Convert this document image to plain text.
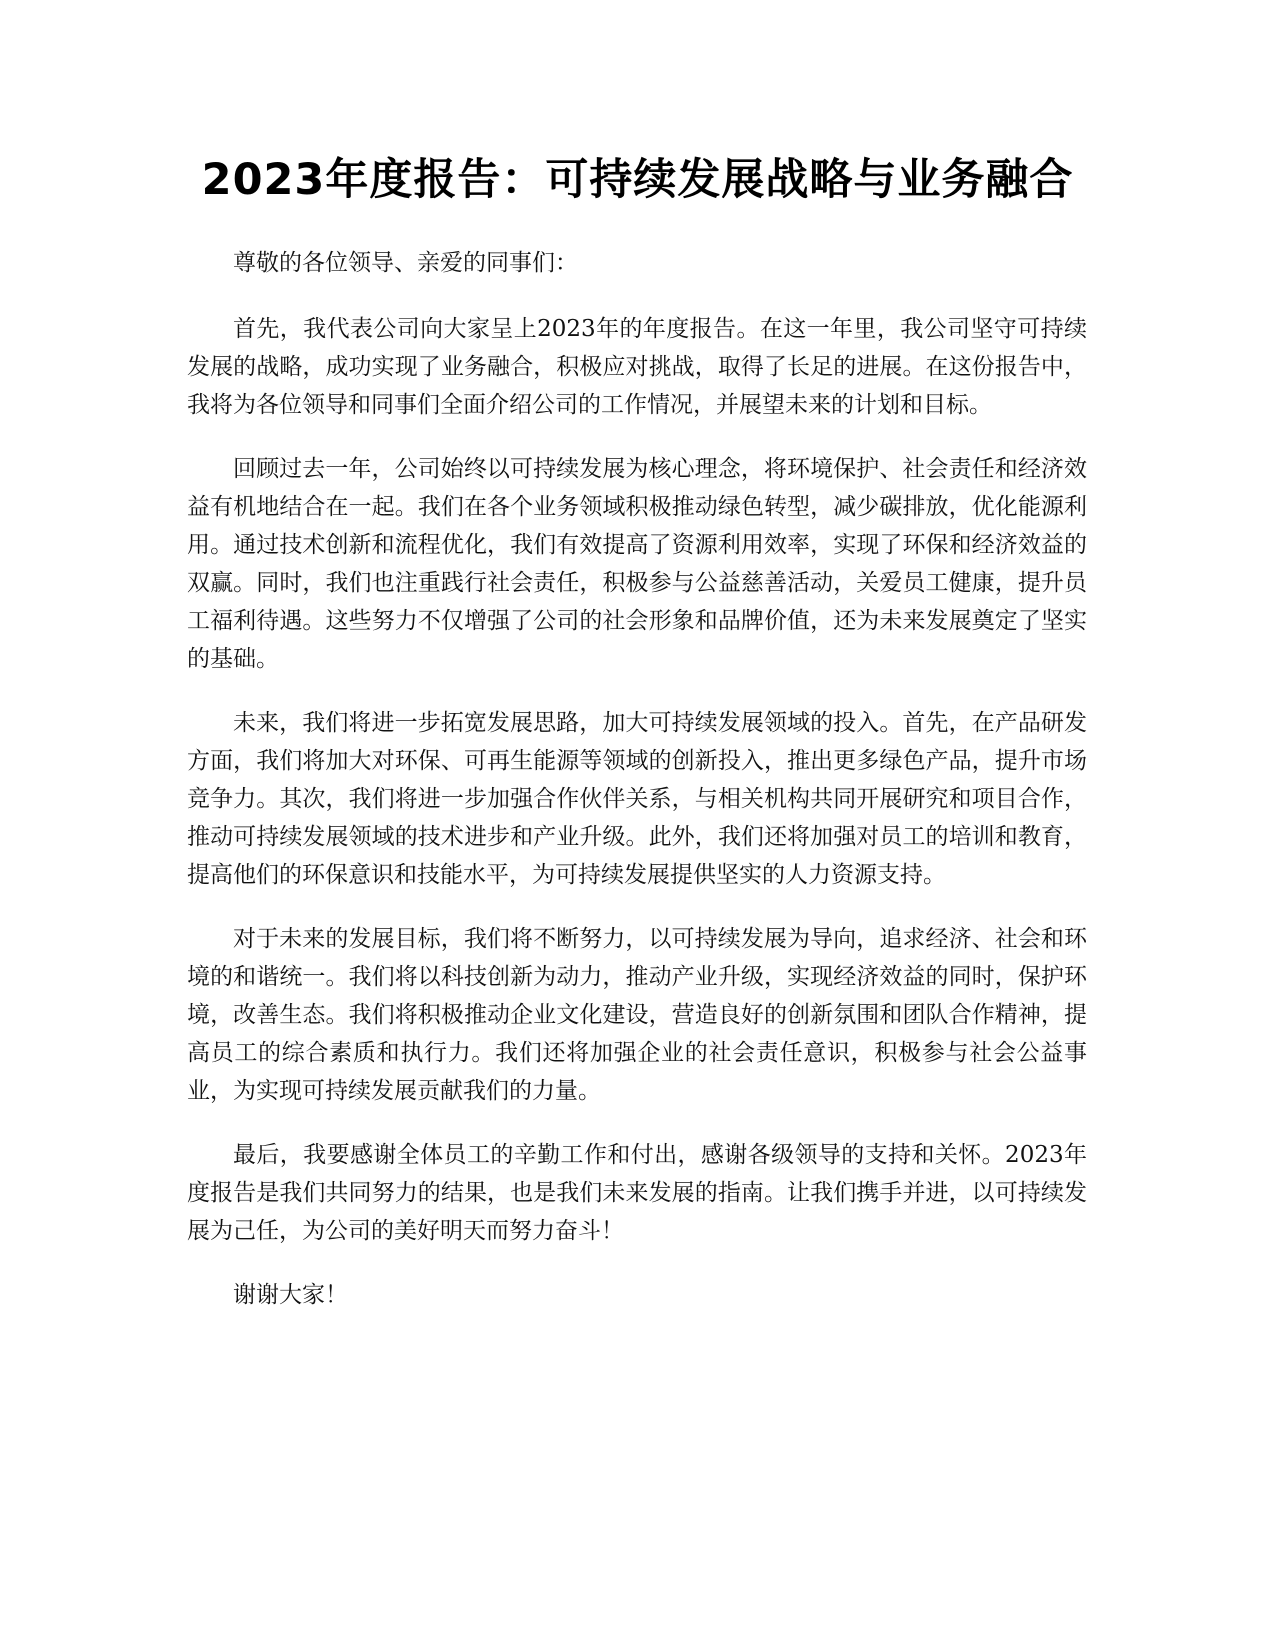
2023年度报告：可持续发展战略与业务融合

尊敬的各位领导、亲爱的同事们：

首先，我代表公司向大家呈上2023年的年度报告。在这一年里，我公司坚守可持续发展的战略，成功实现了业务融合，积极应对挑战，取得了长足的进展。在这份报告中，我将为各位领导和同事们全面介绍公司的工作情况，并展望未来的计划和目标。

回顾过去一年，公司始终以可持续发展为核心理念，将环境保护、社会责任和经济效益有机地结合在一起。我们在各个业务领域积极推动绿色转型，减少碳排放，优化能源利用。通过技术创新和流程优化，我们有效提高了资源利用效率，实现了环保和经济效益的双赢。同时，我们也注重践行社会责任，积极参与公益慈善活动，关爱员工健康，提升员工福利待遇。这些努力不仅增强了公司的社会形象和品牌价值，还为未来发展奠定了坚实的基础。

未来，我们将进一步拓宽发展思路，加大可持续发展领域的投入。首先，在产品研发方面，我们将加大对环保、可再生能源等领域的创新投入，推出更多绿色产品，提升市场竞争力。其次，我们将进一步加强合作伙伴关系，与相关机构共同开展研究和项目合作，推动可持续发展领域的技术进步和产业升级。此外，我们还将加强对员工的培训和教育，提高他们的环保意识和技能水平，为可持续发展提供坚实的人力资源支持。

对于未来的发展目标，我们将不断努力，以可持续发展为导向，追求经济、社会和环境的和谐统一。我们将以科技创新为动力，推动产业升级，实现经济效益的同时，保护环境，改善生态。我们将积极推动企业文化建设，营造良好的创新氛围和团队合作精神，提高员工的综合素质和执行力。我们还将加强企业的社会责任意识，积极参与社会公益事业，为实现可持续发展贡献我们的力量。

最后，我要感谢全体员工的辛勤工作和付出，感谢各级领导的支持和关怀。2023年度报告是我们共同努力的结果，也是我们未来发展的指南。让我们携手并进，以可持续发展为己任，为公司的美好明天而努力奋斗！

谢谢大家！
